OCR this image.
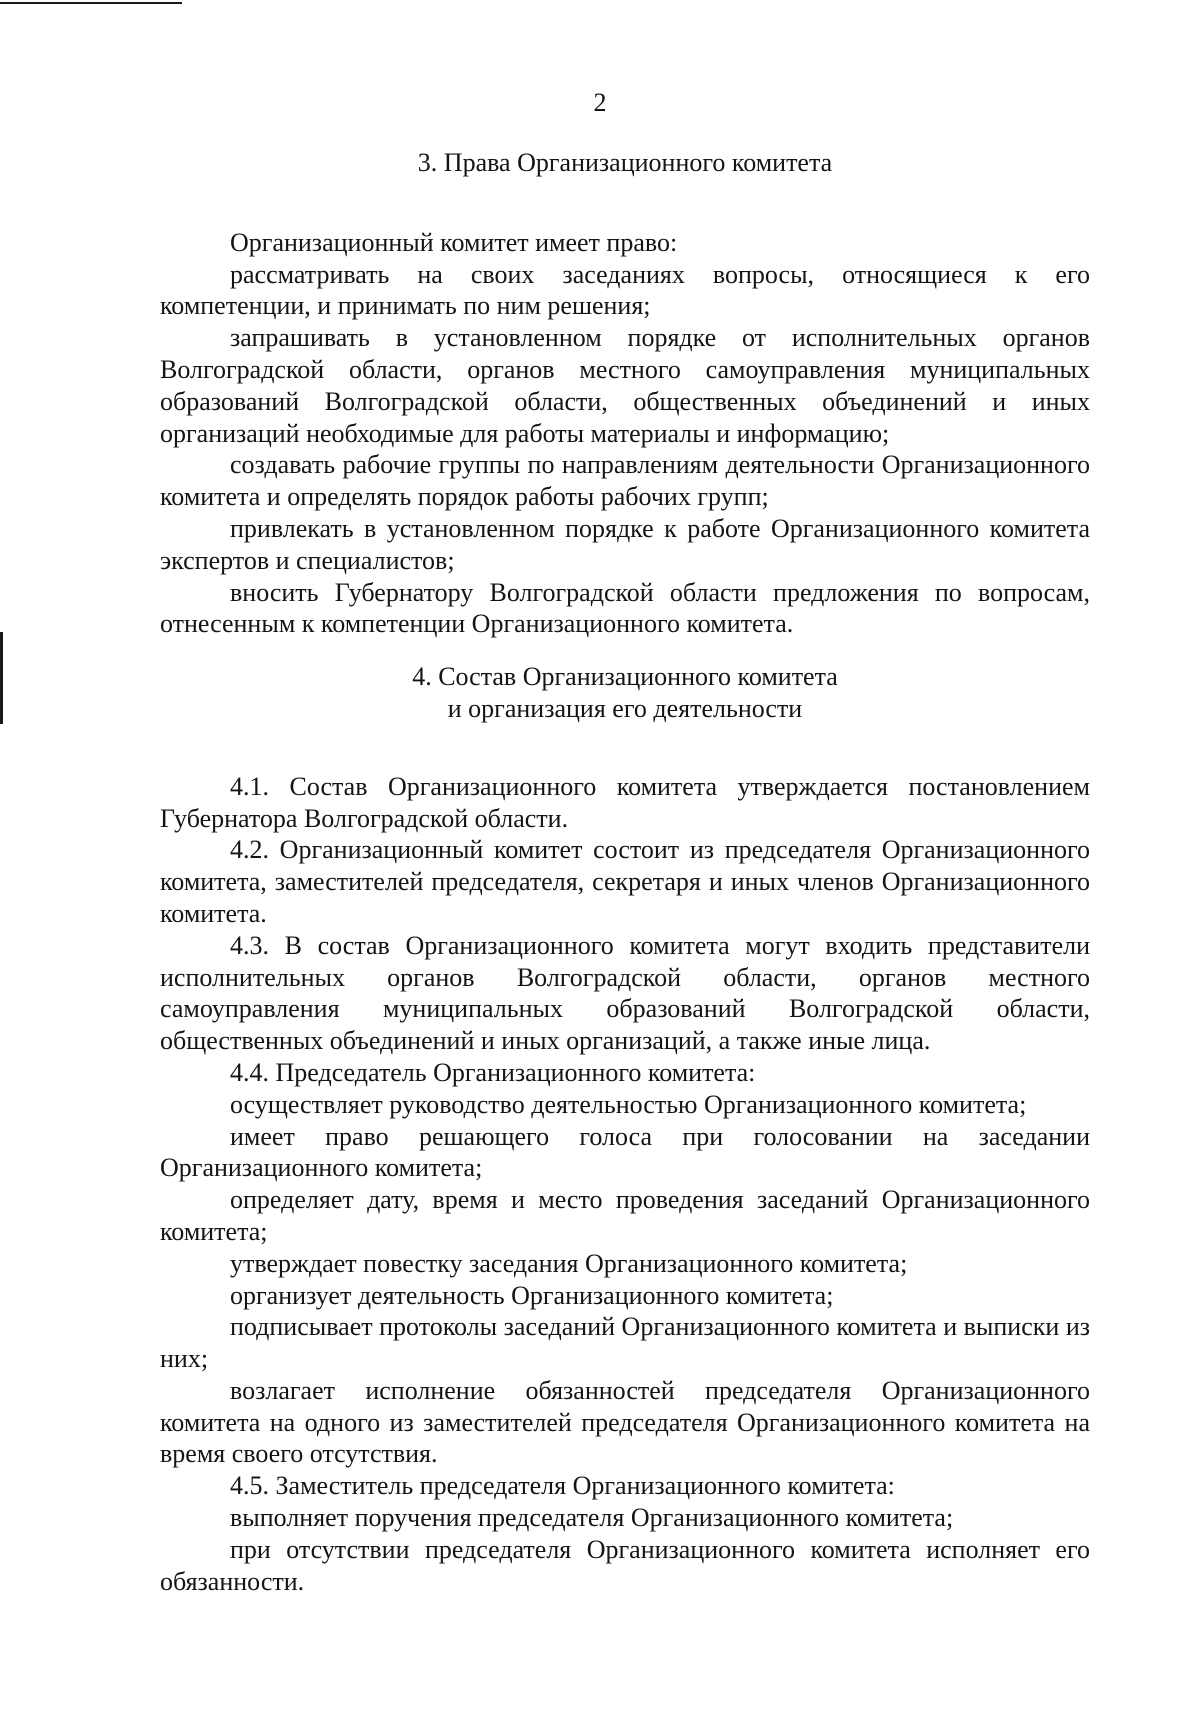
2
3. Права Организационного комитета

Организационный комитет имеет право:

рассматривать на своих заседаниях вопросы, относящиеся к его компетенции, и принимать по ним решения;

запрашивать в установленном порядке от исполнительных органов Волгоградской области, органов местного самоуправления муниципальных образований Волгоградской области, общественных объединений и иных организаций необходимые для работы материалы и информацию;

создавать рабочие группы по направлениям деятельности Организационного комитета и определять порядок работы рабочих групп;

привлекать в установленном порядке к работе Организационного комитета экспертов и специалистов;

вносить Губернатору Волгоградской области предложения по вопросам, отнесенным к компетенции Организационного комитета.

4. Состав Организационного комитета
и организация его деятельности

4.1. Состав Организационного комитета утверждается постановлением Губернатора Волгоградской области.

4.2. Организационный комитет состоит из председателя Организационного комитета, заместителей председателя, секретаря и иных членов Организационного комитета.

4.3. В состав Организационного комитета могут входить представители исполнительных органов Волгоградской области, органов местного самоуправления муниципальных образований Волгоградской области, общественных объединений и иных организаций, а также иные лица.

4.4. Председатель Организационного комитета:

осуществляет руководство деятельностью Организационного комитета;

имеет право решающего голоса при голосовании на заседании Организационного комитета;

определяет дату, время и место проведения заседаний Организационного комитета;

утверждает повестку заседания Организационного комитета;

организует деятельность Организационного комитета;

подписывает протоколы заседаний Организационного комитета и выписки из них;

возлагает исполнение обязанностей председателя Организационного комитета на одного из заместителей председателя Организационного комитета на время своего отсутствия.

4.5. Заместитель председателя Организационного комитета:

выполняет поручения председателя Организационного комитета;

при отсутствии председателя Организационного комитета исполняет его обязанности.
